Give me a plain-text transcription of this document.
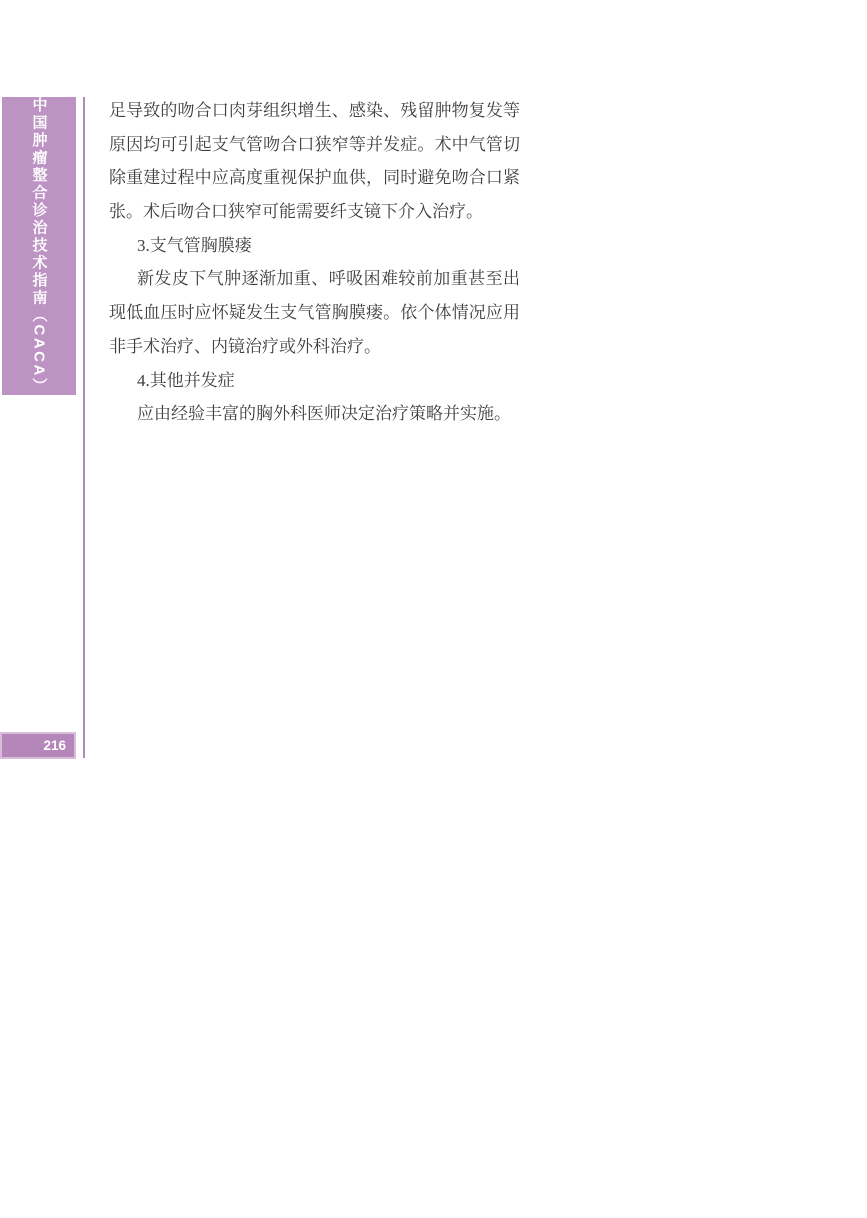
中国肿瘤整合诊治技术指南（CACA）
216
足导致的吻合口肉芽组织增生、感染、残留肿物复发等
原因均可引起支气管吻合口狭窄等并发症。术中气管切
除重建过程中应高度重视保护血供，同时避免吻合口紧
张。术后吻合口狭窄可能需要纤支镜下介入治疗。
3.支气管胸膜瘘
新发皮下气肿逐渐加重、呼吸困难较前加重甚至出
现低血压时应怀疑发生支气管胸膜瘘。依个体情况应用
非手术治疗、内镜治疗或外科治疗。
4.其他并发症
应由经验丰富的胸外科医师决定治疗策略并实施。
